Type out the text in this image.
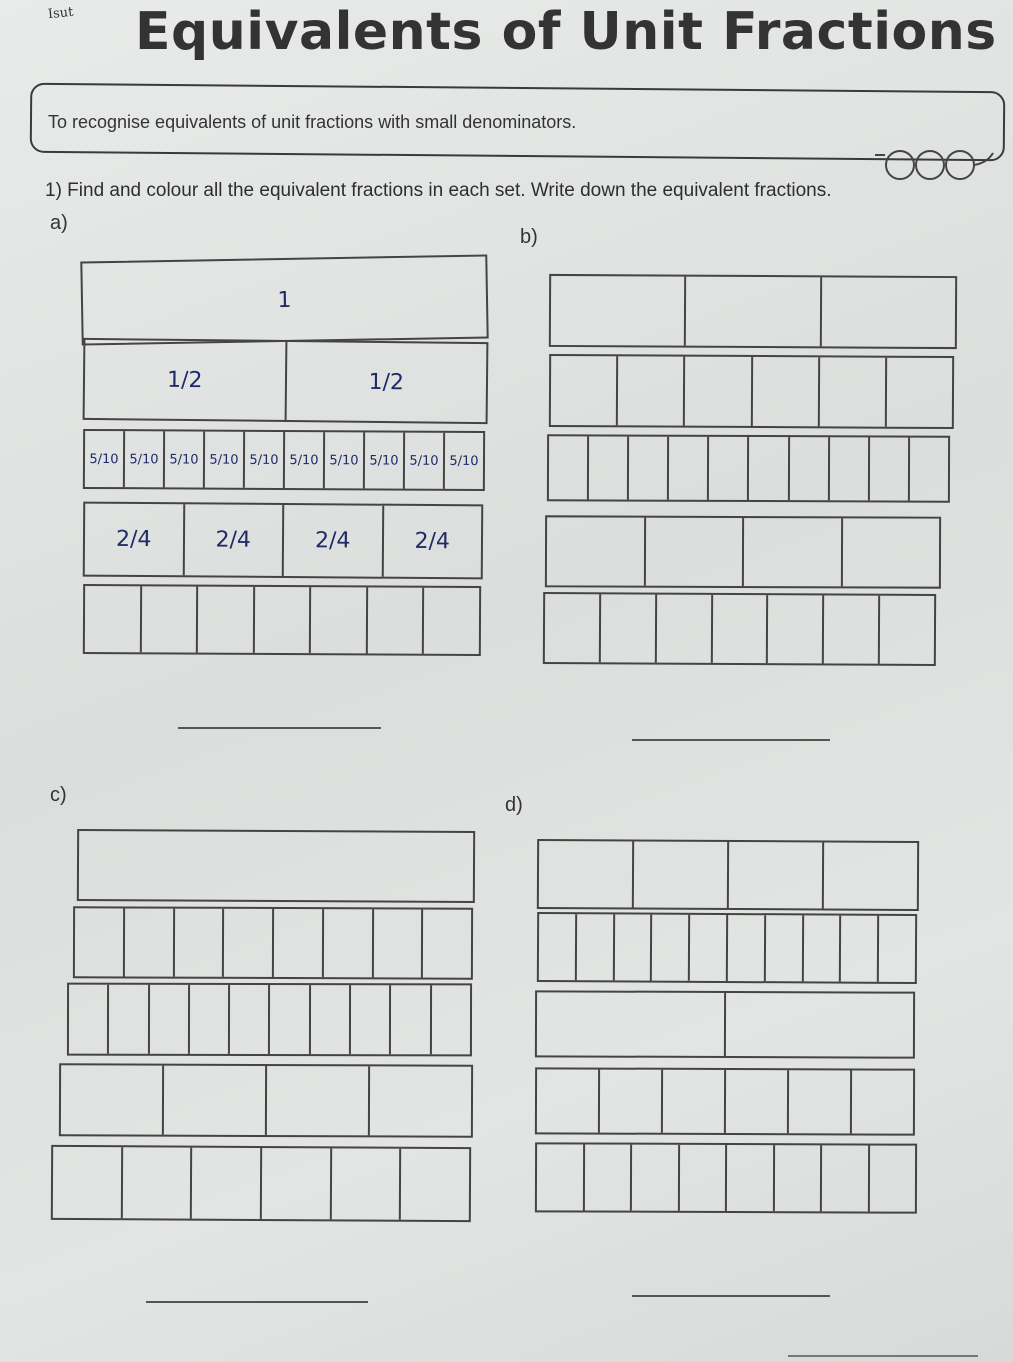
Isut Equivalents of Unit Fractions
To recognise equivalents of unit fractions with small denominators.
1) Find and colour all the equivalent fractions in each set. Write down the equivalent fractions.
a)
b)
c)	d)
1
1/2	1/2
5/10 5/10 5/10 5/10 5/10 5/10 5/10 5/10 5/10 5/10
2/4	2/4	2/4	2/4
